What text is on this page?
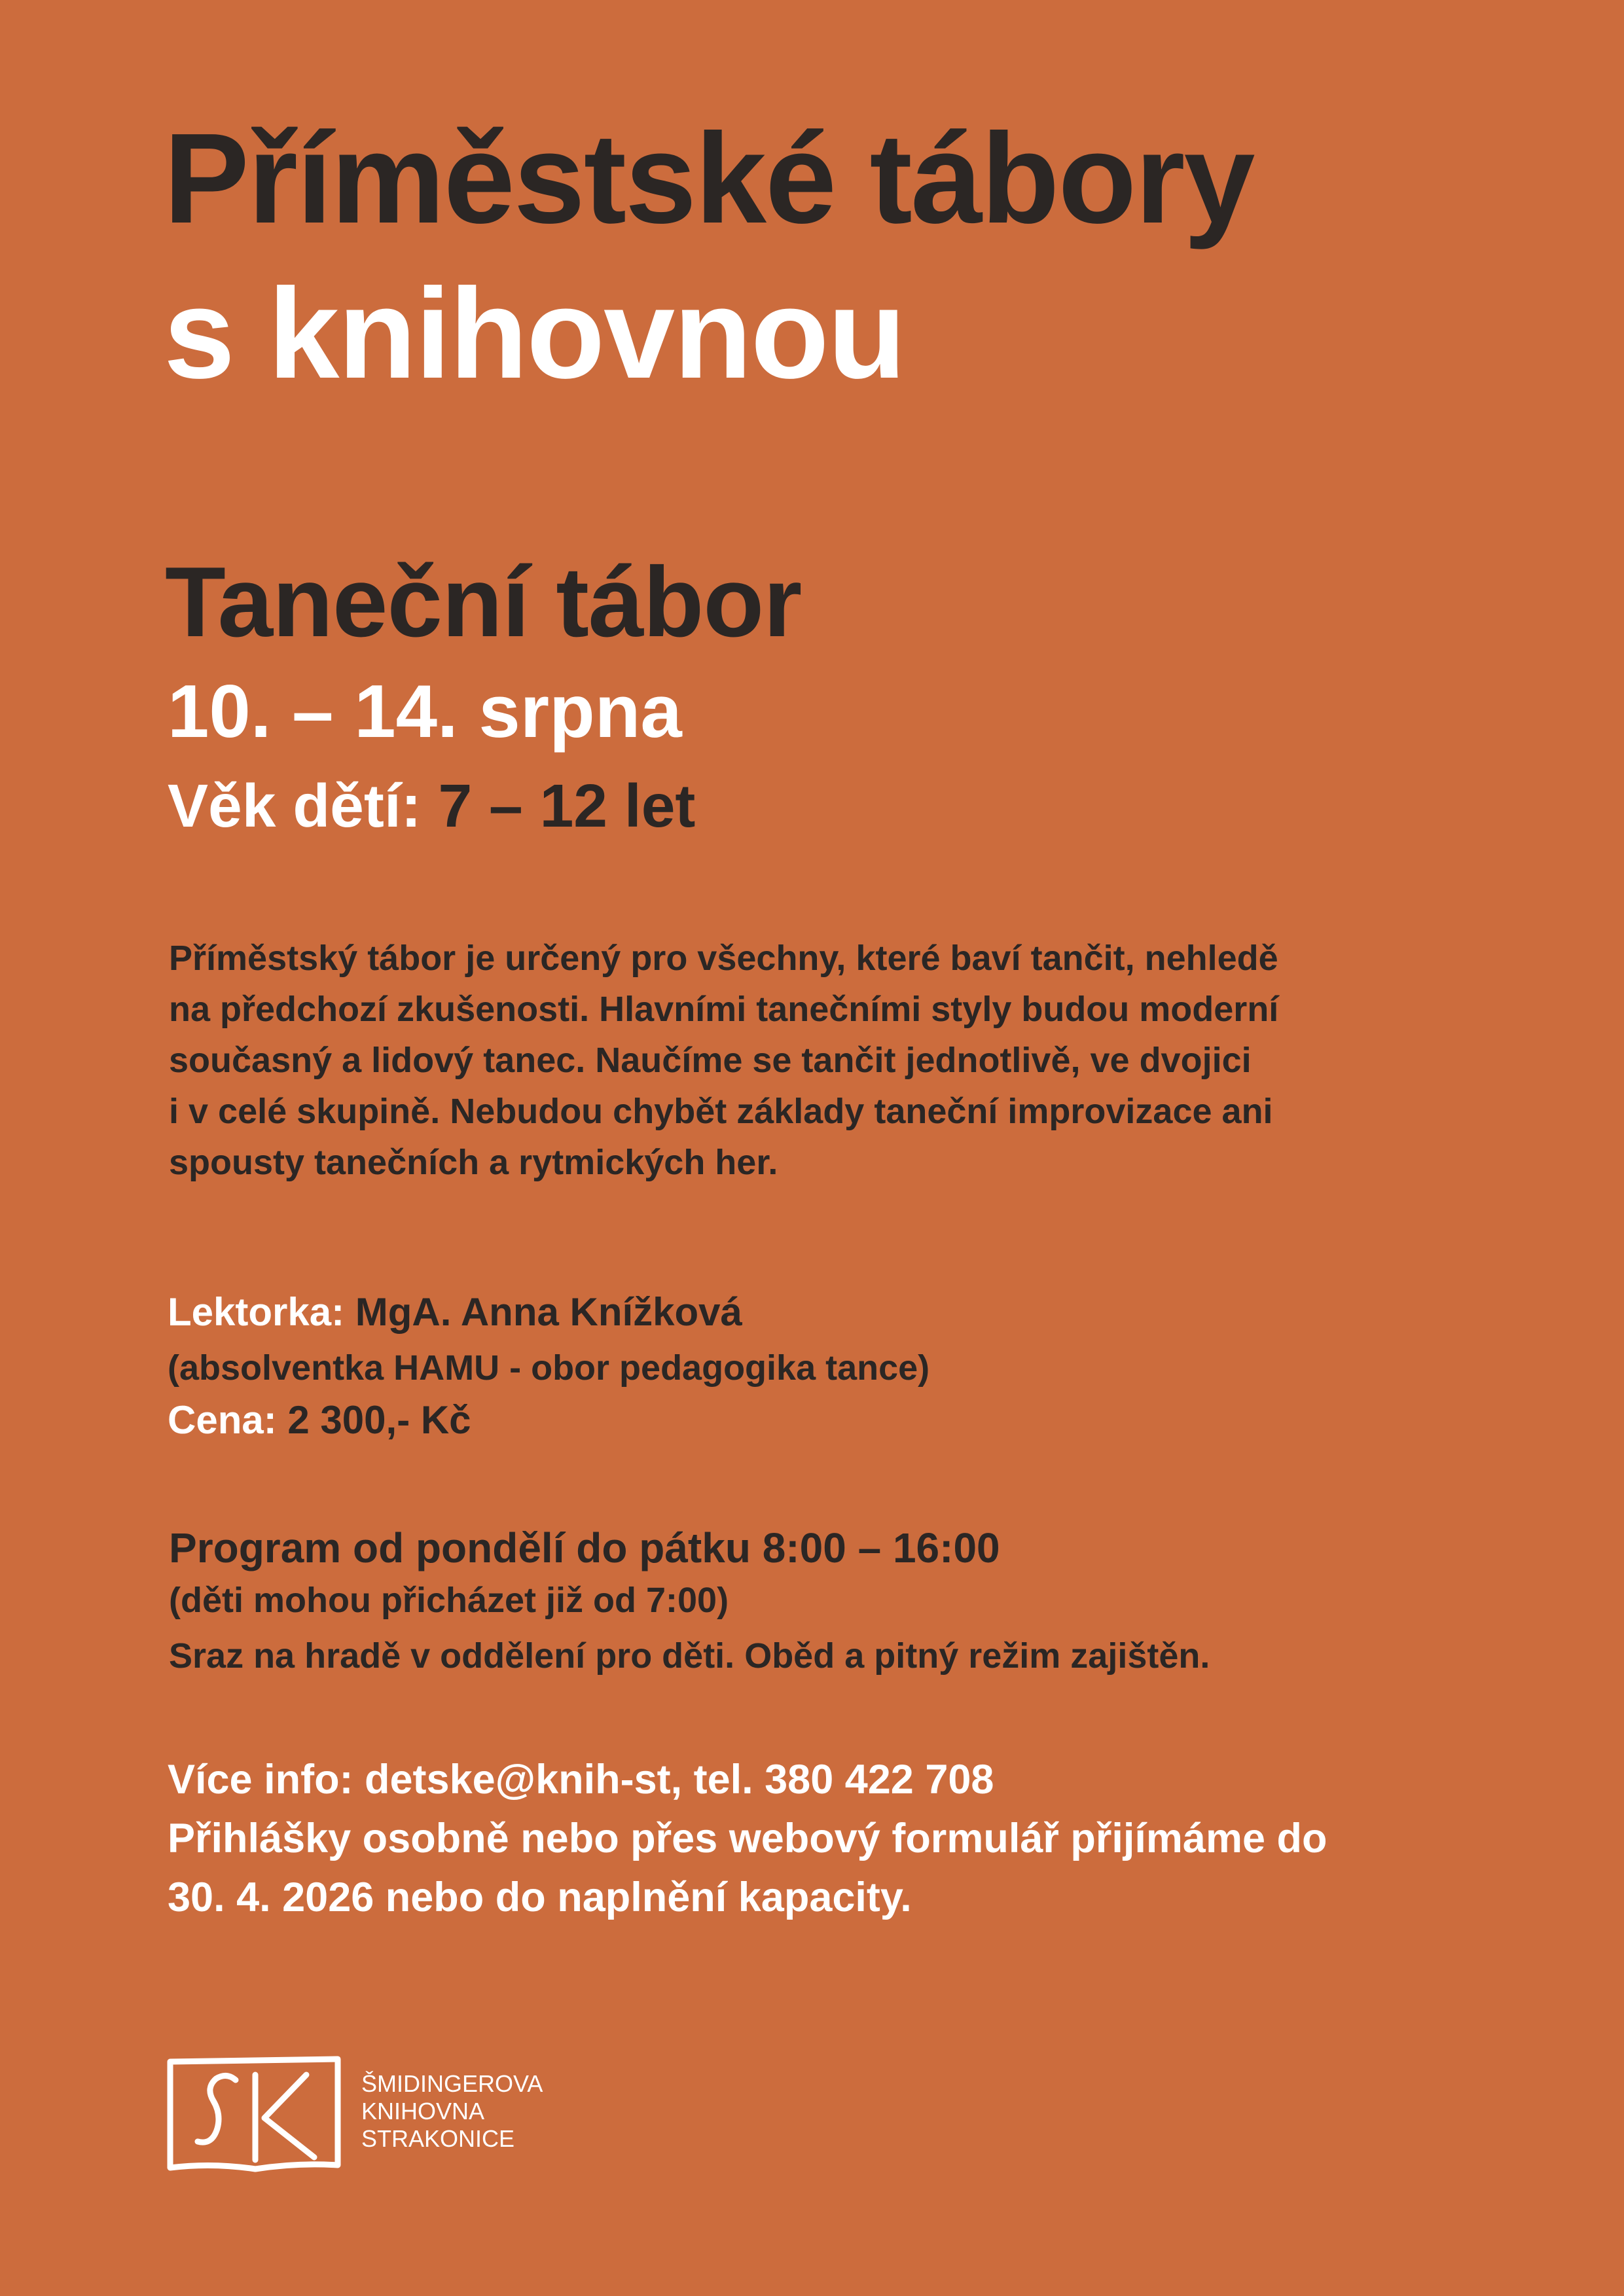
Příměstské tábory
s knihovnou
Taneční tábor
10. – 14. srpna
Věk dětí: 7 – 12 let
Příměstský tábor je určený pro všechny, které baví tančit, nehledě
na předchozí zkušenosti. Hlavními tanečními styly budou moderní
současný a lidový tanec. Naučíme se tančit jednotlivě, ve dvojici
i v celé skupině. Nebudou chybět základy taneční improvizace ani
spousty tanečních a rytmických her.
Lektorka: MgA. Anna Knížková
(absolventka HAMU - obor pedagogika tance)
Cena: 2 300,- Kč
Program od pondělí do pátku 8:00 – 16:00
(děti mohou přicházet již od 7:00)
Sraz na hradě v oddělení pro děti. Oběd a pitný režim zajištěn.
Více info: detske@knih-st, tel. 380 422 708
Přihlášky osobně nebo přes webový formulář přijímáme do
30. 4. 2026 nebo do naplnění kapacity.
ŠMIDINGEROVA
KNIHOVNA
STRAKONICE
